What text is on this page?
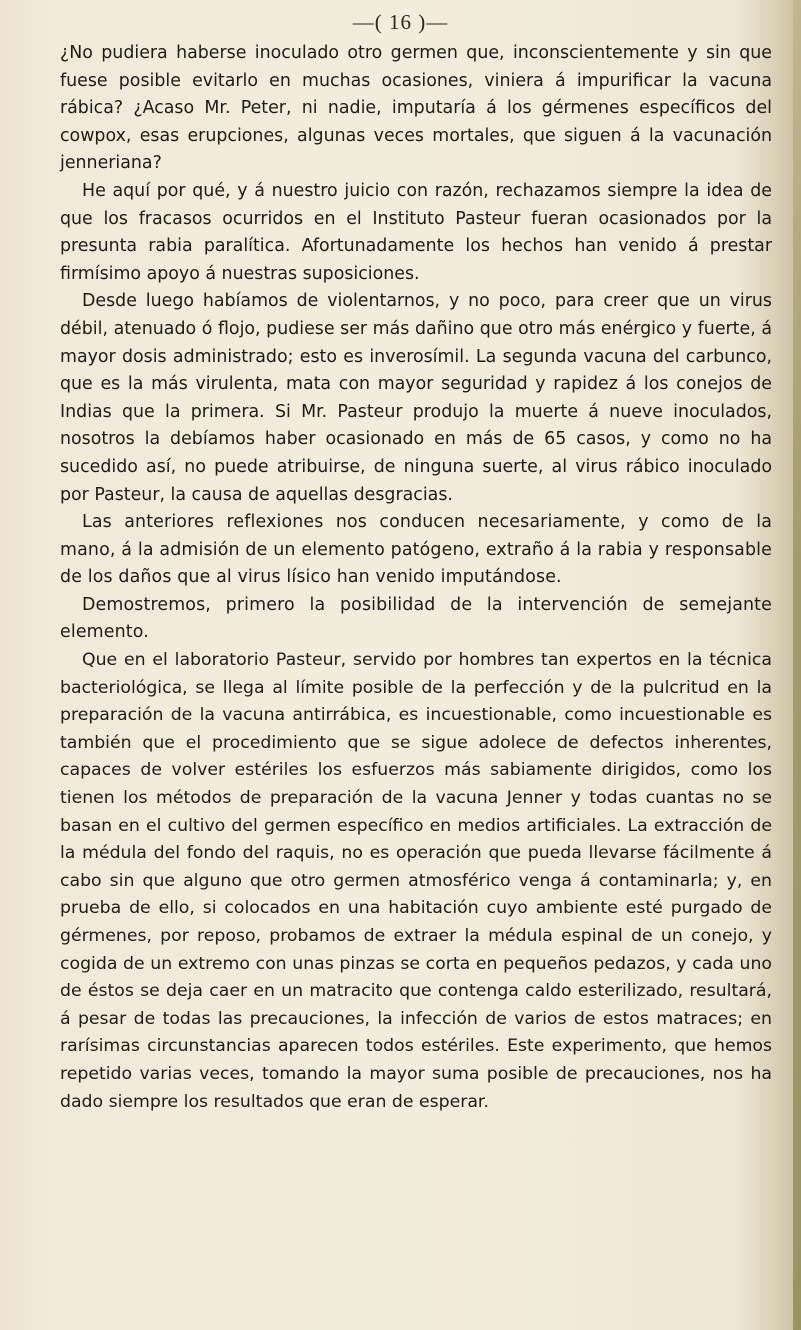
—( 16 )—

¿No pudiera haberse inoculado otro germen que, inconscientemente y sin que fuese posible evitarlo en muchas ocasiones, viniera á impurificar la vacuna rábica? ¿Acaso Mr. Peter, ni nadie, imputaría á los gérmenes específicos del cowpox, esas erupciones, algunas veces mortales, que siguen á la vacunación jenneriana?

He aquí por qué, y á nuestro juicio con razón, rechazamos siempre la idea de que los fracasos ocurridos en el Instituto Pasteur fueran ocasionados por la presunta rabia paralítica. Afortunadamente los hechos han venido á prestar firmísimo apoyo á nuestras suposiciones.

Desde luego habíamos de violentarnos, y no poco, para creer que un virus débil, atenuado ó flojo, pudiese ser más dañino que otro más enérgico y fuerte, á mayor dosis administrado; esto es inverosímil. La segunda vacuna del carbunco, que es la más virulenta, mata con mayor seguridad y rapidez á los conejos de Indias que la primera. Si Mr. Pasteur produjo la muerte á nueve inoculados, nosotros la debíamos haber ocasionado en más de 65 casos, y como no ha sucedido así, no puede atribuirse, de ninguna suerte, al virus rábico inoculado por Pasteur, la causa de aquellas desgracias.

Las anteriores reflexiones nos conducen necesariamente, y como de la mano, á la admisión de un elemento patógeno, extraño á la rabia y responsable de los daños que al virus lísico han venido imputándose.

Demostremos, primero la posibilidad de la intervención de semejante elemento.

Que en el laboratorio Pasteur, servido por hombres tan expertos en la técnica bacteriológica, se llega al límite posible de la perfección y de la pulcritud en la preparación de la vacuna antirrábica, es incuestionable, como incuestionable es también que el procedimiento que se sigue adolece de defectos inherentes, capaces de volver estériles los esfuerzos más sabiamente dirigidos, como los tienen los métodos de preparación de la vacuna Jenner y todas cuantas no se basan en el cultivo del germen específico en medios artificiales. La extracción de la médula del fondo del raquis, no es operación que pueda llevarse fácilmente á cabo sin que alguno que otro germen atmosférico venga á contaminarla; y, en prueba de ello, si colocados en una habitación cuyo ambiente esté purgado de gérmenes, por reposo, probamos de extraer la médula espinal de un conejo, y cogida de un extremo con unas pinzas se corta en pequeños pedazos, y cada uno de éstos se deja caer en un matracito que contenga caldo esterilizado, resultará, á pesar de todas las precauciones, la infección de varios de estos matraces; en rarísimas circunstancias aparecen todos estériles. Este experimento, que hemos repetido varias veces, tomando la mayor suma posible de precauciones, nos ha dado siempre los resultados que eran de esperar.
